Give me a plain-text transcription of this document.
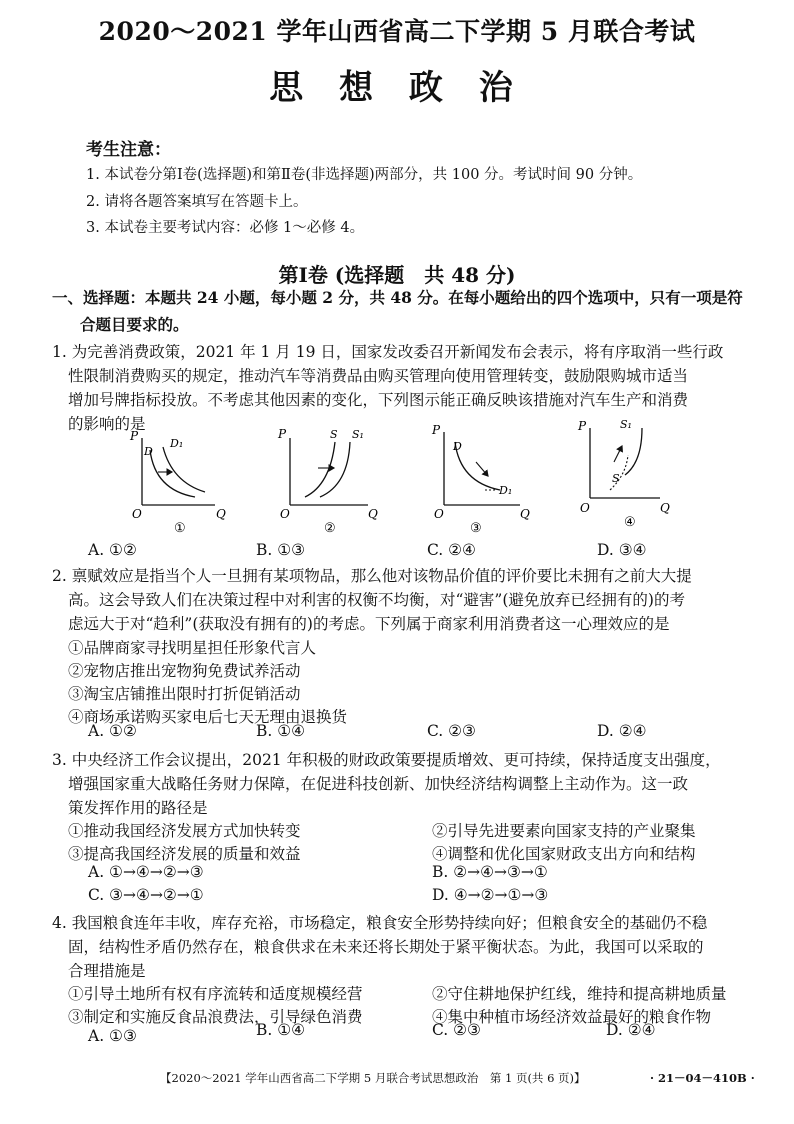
2020～2021 学年山西省高二下学期 5 月联合考试
思 想 政 治
考生注意：
1. 本试卷分第Ⅰ卷(选择题)和第Ⅱ卷(非选择题)两部分，共 100 分。考试时间 90 分钟。
2. 请将各题答案填写在答题卡上。
3. 本试卷主要考试内容：必修 1～必修 4。
第Ⅰ卷 (选择题　共 48 分)
一、选择题：本题共 24 小题，每小题 2 分，共 48 分。在每小题给出的四个选项中，只有一项是符
合题目要求的。
1. 为完善消费政策，2021 年 1 月 19 日，国家发改委召开新闻发布会表示，将有序取消一些行政
性限制消费购买的规定，推动汽车等消费品由购买管理向使用管理转变，鼓励限购城市适当
增加号牌指标投放。不考虑其他因素的变化，下列图示能正确反映该措施对汽车生产和消费
的影响的是
P
Q
O
D
D₁
①
P
Q
O
S S₁
②
P
Q
O
D
D₁
③
P
Q
O
S₁
S
④
A. ①②	B. ①③	C. ②④	D. ③④
2. 禀赋效应是指当个人一旦拥有某项物品，那么他对该物品价值的评价要比未拥有之前大大提
高。这会导致人们在决策过程中对利害的权衡不均衡，对“避害”(避免放弃已经拥有的)的考
虑远大于对“趋利”(获取没有拥有的)的考虑。下列属于商家利用消费者这一心理效应的是
①品牌商家寻找明星担任形象代言人
②宠物店推出宠物狗免费试养活动
③淘宝店铺推出限时打折促销活动
④商场承诺购买家电后七天无理由退换货
A. ①②	B. ①④	C. ②③	D. ②④
3. 中央经济工作会议提出，2021 年积极的财政政策要提质增效、更可持续，保持适度支出强度，
增强国家重大战略任务财力保障，在促进科技创新、加快经济结构调整上主动作为。这一政
策发挥作用的路径是
①推动我国经济发展方式加快转变	②引导先进要素向国家支持的产业聚集
③提高我国经济发展的质量和效益	④调整和优化国家财政支出方向和结构
A. ①→④→②→③	B. ②→④→③→①
C. ③→④→②→①	D. ④→②→①→③
4. 我国粮食连年丰收，库存充裕，市场稳定，粮食安全形势持续向好；但粮食安全的基础仍不稳
固，结构性矛盾仍然存在，粮食供求在未来还将长期处于紧平衡状态。为此，我国可以采取的
合理措施是
①引导土地所有权有序流转和适度规模经营	②守住耕地保护红线，维持和提高耕地质量
③制定和实施反食品浪费法，引导绿色消费	④集中种植市场经济效益最好的粮食作物
A. ①③	B. ①④	C. ②③	D. ②④
【2020～2021 学年山西省高二下学期 5 月联合考试思想政治　第 1 页(共 6 页)】	· 21－04－410B ·
